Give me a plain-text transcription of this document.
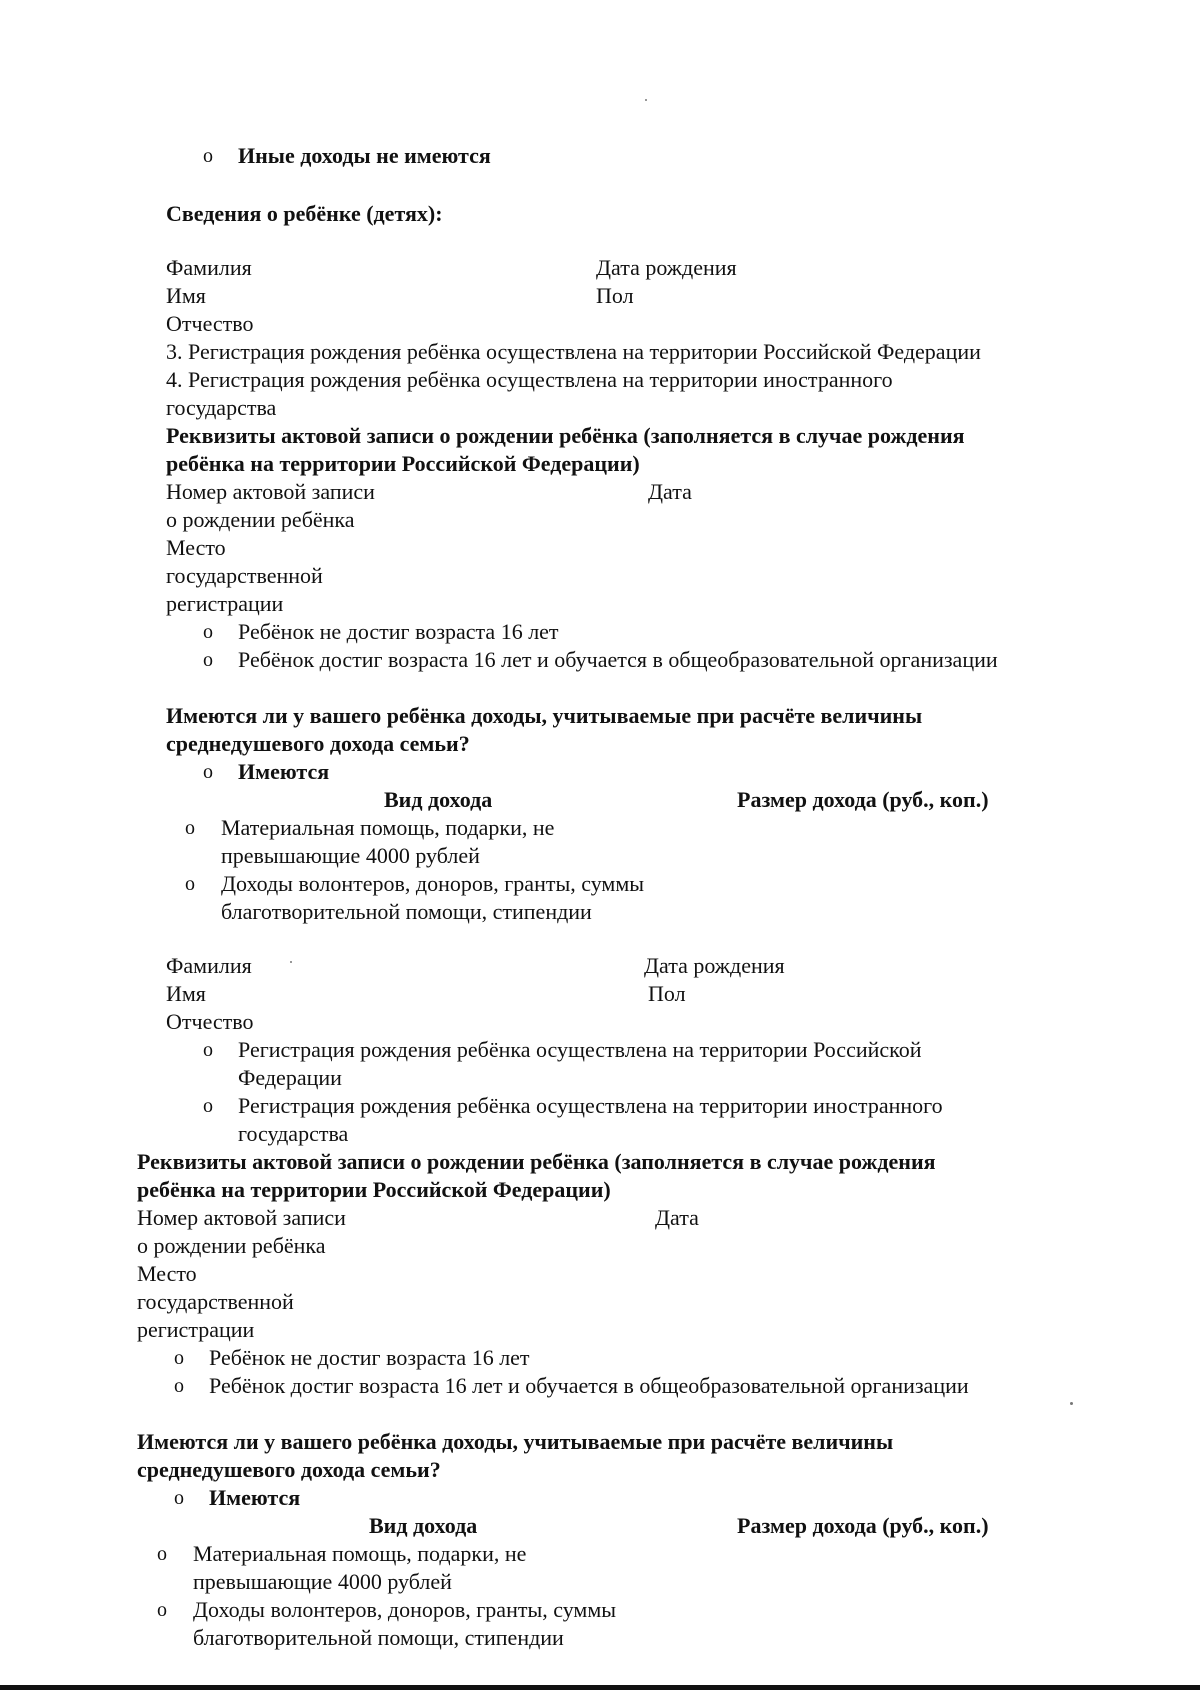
o Иные доходы не имеются
Сведения о ребёнке (детях):
Фамилия	Дата рождения
Имя	Пол
Отчество
3. Регистрация рождения ребёнка осуществлена на территории Российской Федерации
4. Регистрация рождения ребёнка осуществлена на территории иностранного
государства
Реквизиты актовой записи о рождении ребёнка (заполняется в случае рождения
ребёнка на территории Российской Федерации)
Номер актовой записи	Дата
о рождении ребёнка
Место
государственной
регистрации
o Ребёнок не достиг возраста 16 лет
o Ребёнок достиг возраста 16 лет и обучается в общеобразовательной организации
Имеются ли у вашего ребёнка доходы, учитываемые при расчёте величины
среднедушевого дохода семьи?
o Имеются
Вид дохода	Размер дохода (руб., коп.)
o Материальная помощь, подарки, не
превышающие 4000 рублей
o Доходы волонтеров, доноров, гранты, суммы
благотворительной помощи, стипендии
Фамилия	Дата рождения
Имя	Пол
Отчество
o Регистрация рождения ребёнка осуществлена на территории Российской
Федерации
o Регистрация рождения ребёнка осуществлена на территории иностранного
государства
Реквизиты актовой записи о рождении ребёнка (заполняется в случае рождения
ребёнка на территории Российской Федерации)
Номер актовой записи	Дата
о рождении ребёнка
Место
государственной
регистрации
o Ребёнок не достиг возраста 16 лет
o Ребёнок достиг возраста 16 лет и обучается в общеобразовательной организации
Имеются ли у вашего ребёнка доходы, учитываемые при расчёте величины
среднедушевого дохода семьи?
o Имеются
Вид дохода	Размер дохода (руб., коп.)
o Материальная помощь, подарки, не
превышающие 4000 рублей
o Доходы волонтеров, доноров, гранты, суммы
благотворительной помощи, стипендии
